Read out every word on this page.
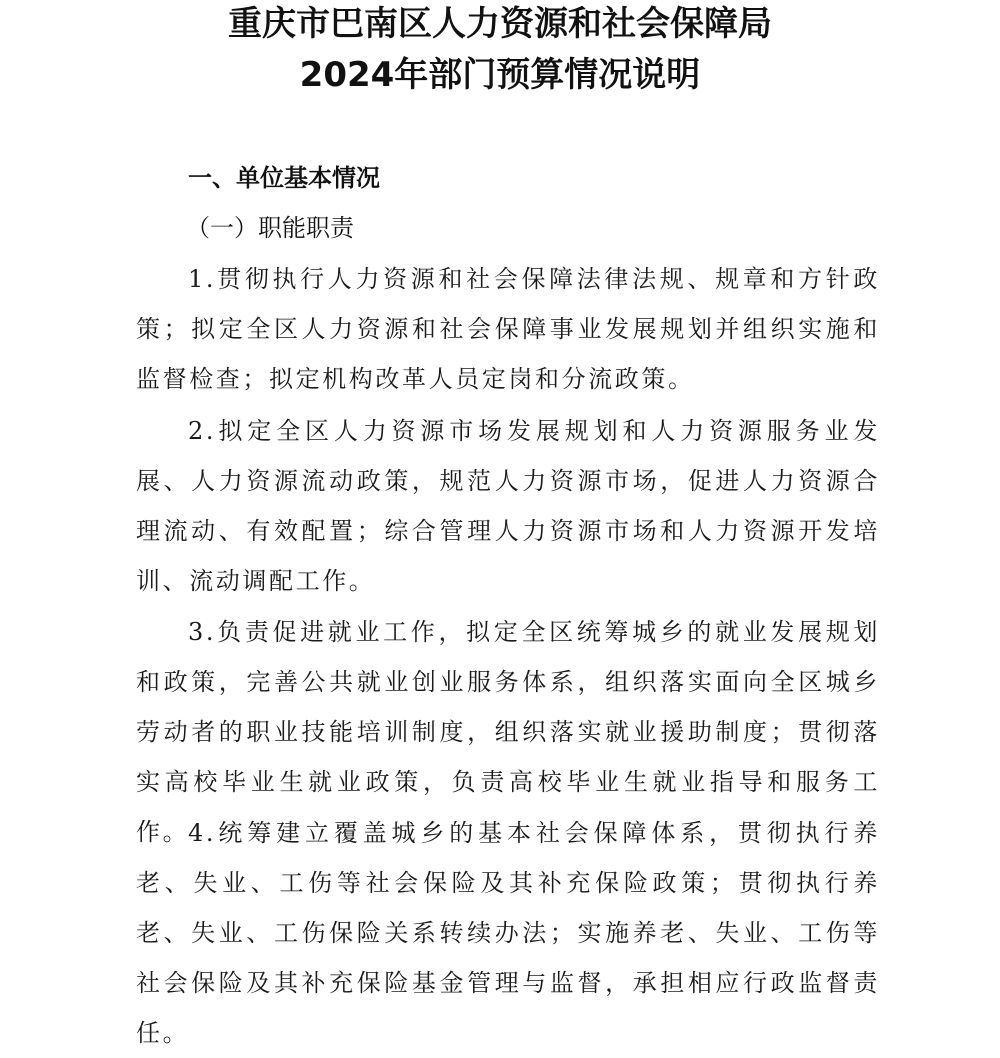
重庆市巴南区人力资源和社会保障局
2024年部门预算情况说明
一、单位基本情况
（一）职能职责

1.贯彻执行人力资源和社会保障法律法规、规章和方针政策；拟定全区人力资源和社会保障事业发展规划并组织实施和监督检查；拟定机构改革人员定岗和分流政策。

2.拟定全区人力资源市场发展规划和人力资源服务业发展、人力资源流动政策，规范人力资源市场，促进人力资源合理流动、有效配置；综合管理人力资源市场和人力资源开发培训、流动调配工作。

3.负责促进就业工作，拟定全区统筹城乡的就业发展规划和政策，完善公共就业创业服务体系，组织落实面向全区城乡劳动者的职业技能培训制度，组织落实就业援助制度；贯彻落实高校毕业生就业政策，负责高校毕业生就业指导和服务工作。

4.统筹建立覆盖城乡的基本社会保障体系，贯彻执行养老、失业、工伤等社会保险及其补充保险政策；贯彻执行养老、失业、工伤保险关系转续办法；实施养老、失业、工伤等社会保险及其补充保险基金管理与监督，承担相应行政监督责任。
